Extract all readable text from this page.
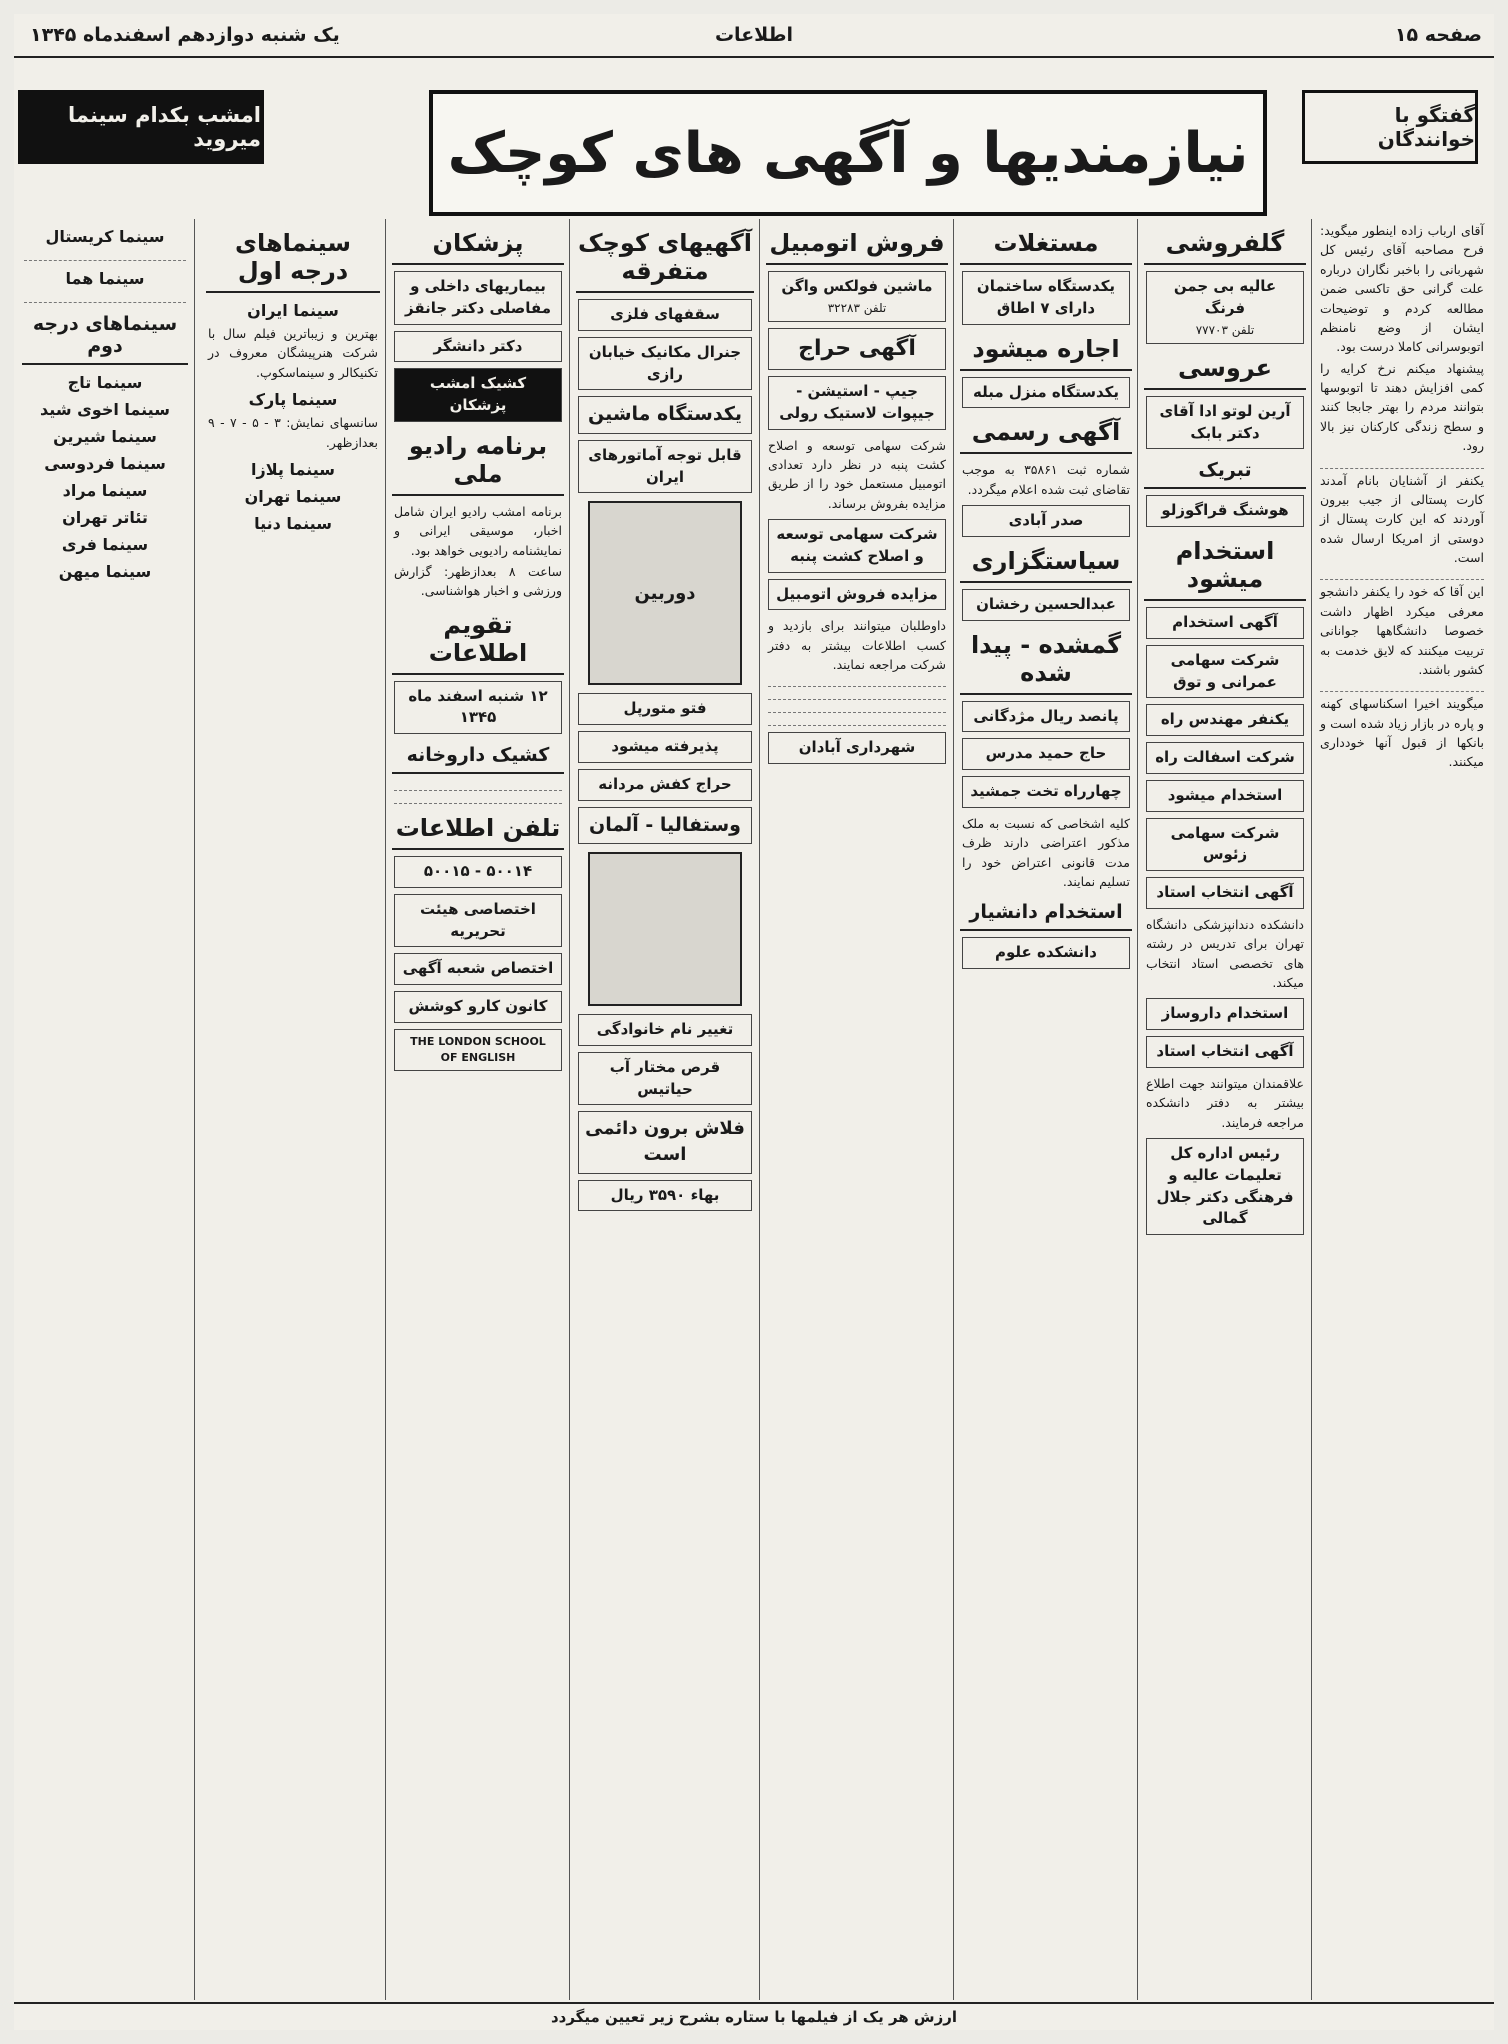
صفحه ۱۵
اطلاعات
یک شنبه دوازدهم اسفندماه ۱۳۴۵
گفتگو با خوانندگان
نیازمندیها و آگهی های کوچک
امشب بکدام سینما میروید

آقای ارباب زاده اینطور میگوید: فرح مصاحبه آقای رئیس کل شهربانی را باخبر نگاران درباره علت گرانی حق تاکسی ضمن مطالعه کردم و توضیحات ایشان از وضع نامنظم اتوبوسرانی کاملا درست بود.

پیشنهاد میکنم نرخ کرایه را کمی افزایش دهند تا اتوبوسها بتوانند مردم را بهتر جابجا کنند و سطح زندگی کارکنان نیز بالا رود.

یکنفر از آشنایان بانام آمدند کارت پستالی از جیب بیرون آوردند که این کارت پستال از دوستی از امریکا ارسال شده است.

این آقا که خود را یکنفر دانشجو معرفی میکرد اظهار داشت خصوصا دانشگاهها جوانانی تربیت میکنند که لایق خدمت به کشور باشند.

میگویند اخیرا اسکناسهای کهنه و پاره در بازار زیاد شده است و بانکها از قبول آنها خودداری میکنند.

گلفروشی
عالیه بی جمن فرنگ
تلفن ۷۷۷۰۳
عروسی
آرین لوتو ادا آقای دکتر بابک
تبریک
هوشنگ قراگوزلو
استخدام میشود
آگهی استخدام
شرکت سهامی عمرانی و توق
یکنفر مهندس راه
شرکت اسفالت راه
استخدام میشود
شرکت سهامی زئوس
آگهی انتخاب استاد

دانشکده دندانپزشکی دانشگاه تهران برای تدریس در رشته های تخصصی استاد انتخاب میکند.

استخدام داروساز
آگهی انتخاب استاد

علاقمندان میتوانند جهت اطلاع بیشتر به دفتر دانشکده مراجعه فرمایند.

رئیس اداره کل تعلیمات عالیه و فرهنگی دکتر جلال گمالی
مستغلات
یکدستگاه ساختمان دارای ۷ اطاق
اجاره میشود
یکدستگاه منزل مبله
آگهی رسمی

شماره ثبت ۳۵۸۶۱ به موجب تقاضای ثبت شده اعلام میگردد.

صدر آبادی
سیاستگزاری
عبدالحسین رخشان
گمشده - پیدا شده
پانصد ریال مژدگانی
حاج حمید مدرس
چهارراه تخت جمشید

کلیه اشخاصی که نسبت به ملک مذکور اعتراضی دارند ظرف مدت قانونی اعتراض خود را تسلیم نمایند.

استخدام دانشیار
دانشکده علوم
فروش اتومبیل
ماشین فولکس واگن
تلفن ۳۲۲۸۳
آگهی حراج
جیپ - استیشن - جیپوات لاستیک رولی

شرکت سهامی توسعه و اصلاح کشت پنبه در نظر دارد تعدادی اتومبیل مستعمل خود را از طریق مزایده بفروش برساند.

شرکت سهامی توسعه و اصلاح کشت پنبه
مزایده فروش اتومبیل

داوطلبان میتوانند برای بازدید و کسب اطلاعات بیشتر به دفتر شرکت مراجعه نمایند.

شهرداری آبادان
آگهیهای کوچک متفرقه
سقفهای فلزی
جنرال مکانیک خیابان رازی
یکدستگاه ماشین
قابل توجه آماتورهای ایران
دوربین
فتو متورپل
پذیرفته میشود
حراج کفش مردانه
وستفالیا - آلمان
تغییر نام خانوادگی
قرص مختار آب حیاتیس
فلاش برون دائمی است
بهاء ۳۵۹۰ ریال
پزشکان
بیماریهای داخلی و مفاصلی دکتر جانقز
دکتر دانشگر
کشیک امشب پزشکان
برنامه رادیو ملی

برنامه امشب رادیو ایران شامل اخبار، موسیقی ایرانی و نمایشنامه رادیویی خواهد بود.

ساعت ۸ بعدازظهر: گزارش ورزشی و اخبار هواشناسی.

تقویم اطلاعات
۱۲ شنبه اسفند ماه ۱۳۴۵
کشیک داروخانه
تلفن اطلاعات
۵۰۰۱۴ - ۵۰۰۱۵
اختصاصی هیئت تحریریه
اختصاص شعبه آگهی
کانون کارو کوشش
THE LONDON SCHOOL OF ENGLISH
سینماهای درجه اول
سینما ایران

بهترین و زیباترین فیلم سال با شرکت هنرپیشگان معروف در تکنیکالر و سینماسکوپ.

سینما پارک

سانسهای نمایش: ۳ - ۵ - ۷ - ۹ بعدازظهر.

سینما پلازا
سینما تهران
سینما دنیا
سینما کریستال
سینما هما
سینماهای درجه دوم
سینما تاج
سینما اخوی شید
سینما شیرین
سینما فردوسی
سینما مراد
تئاتر تهران
سینما فری
سینما میهن
ارزش هر یک از فیلمها با ستاره بشرح زیر تعیین میگردد
